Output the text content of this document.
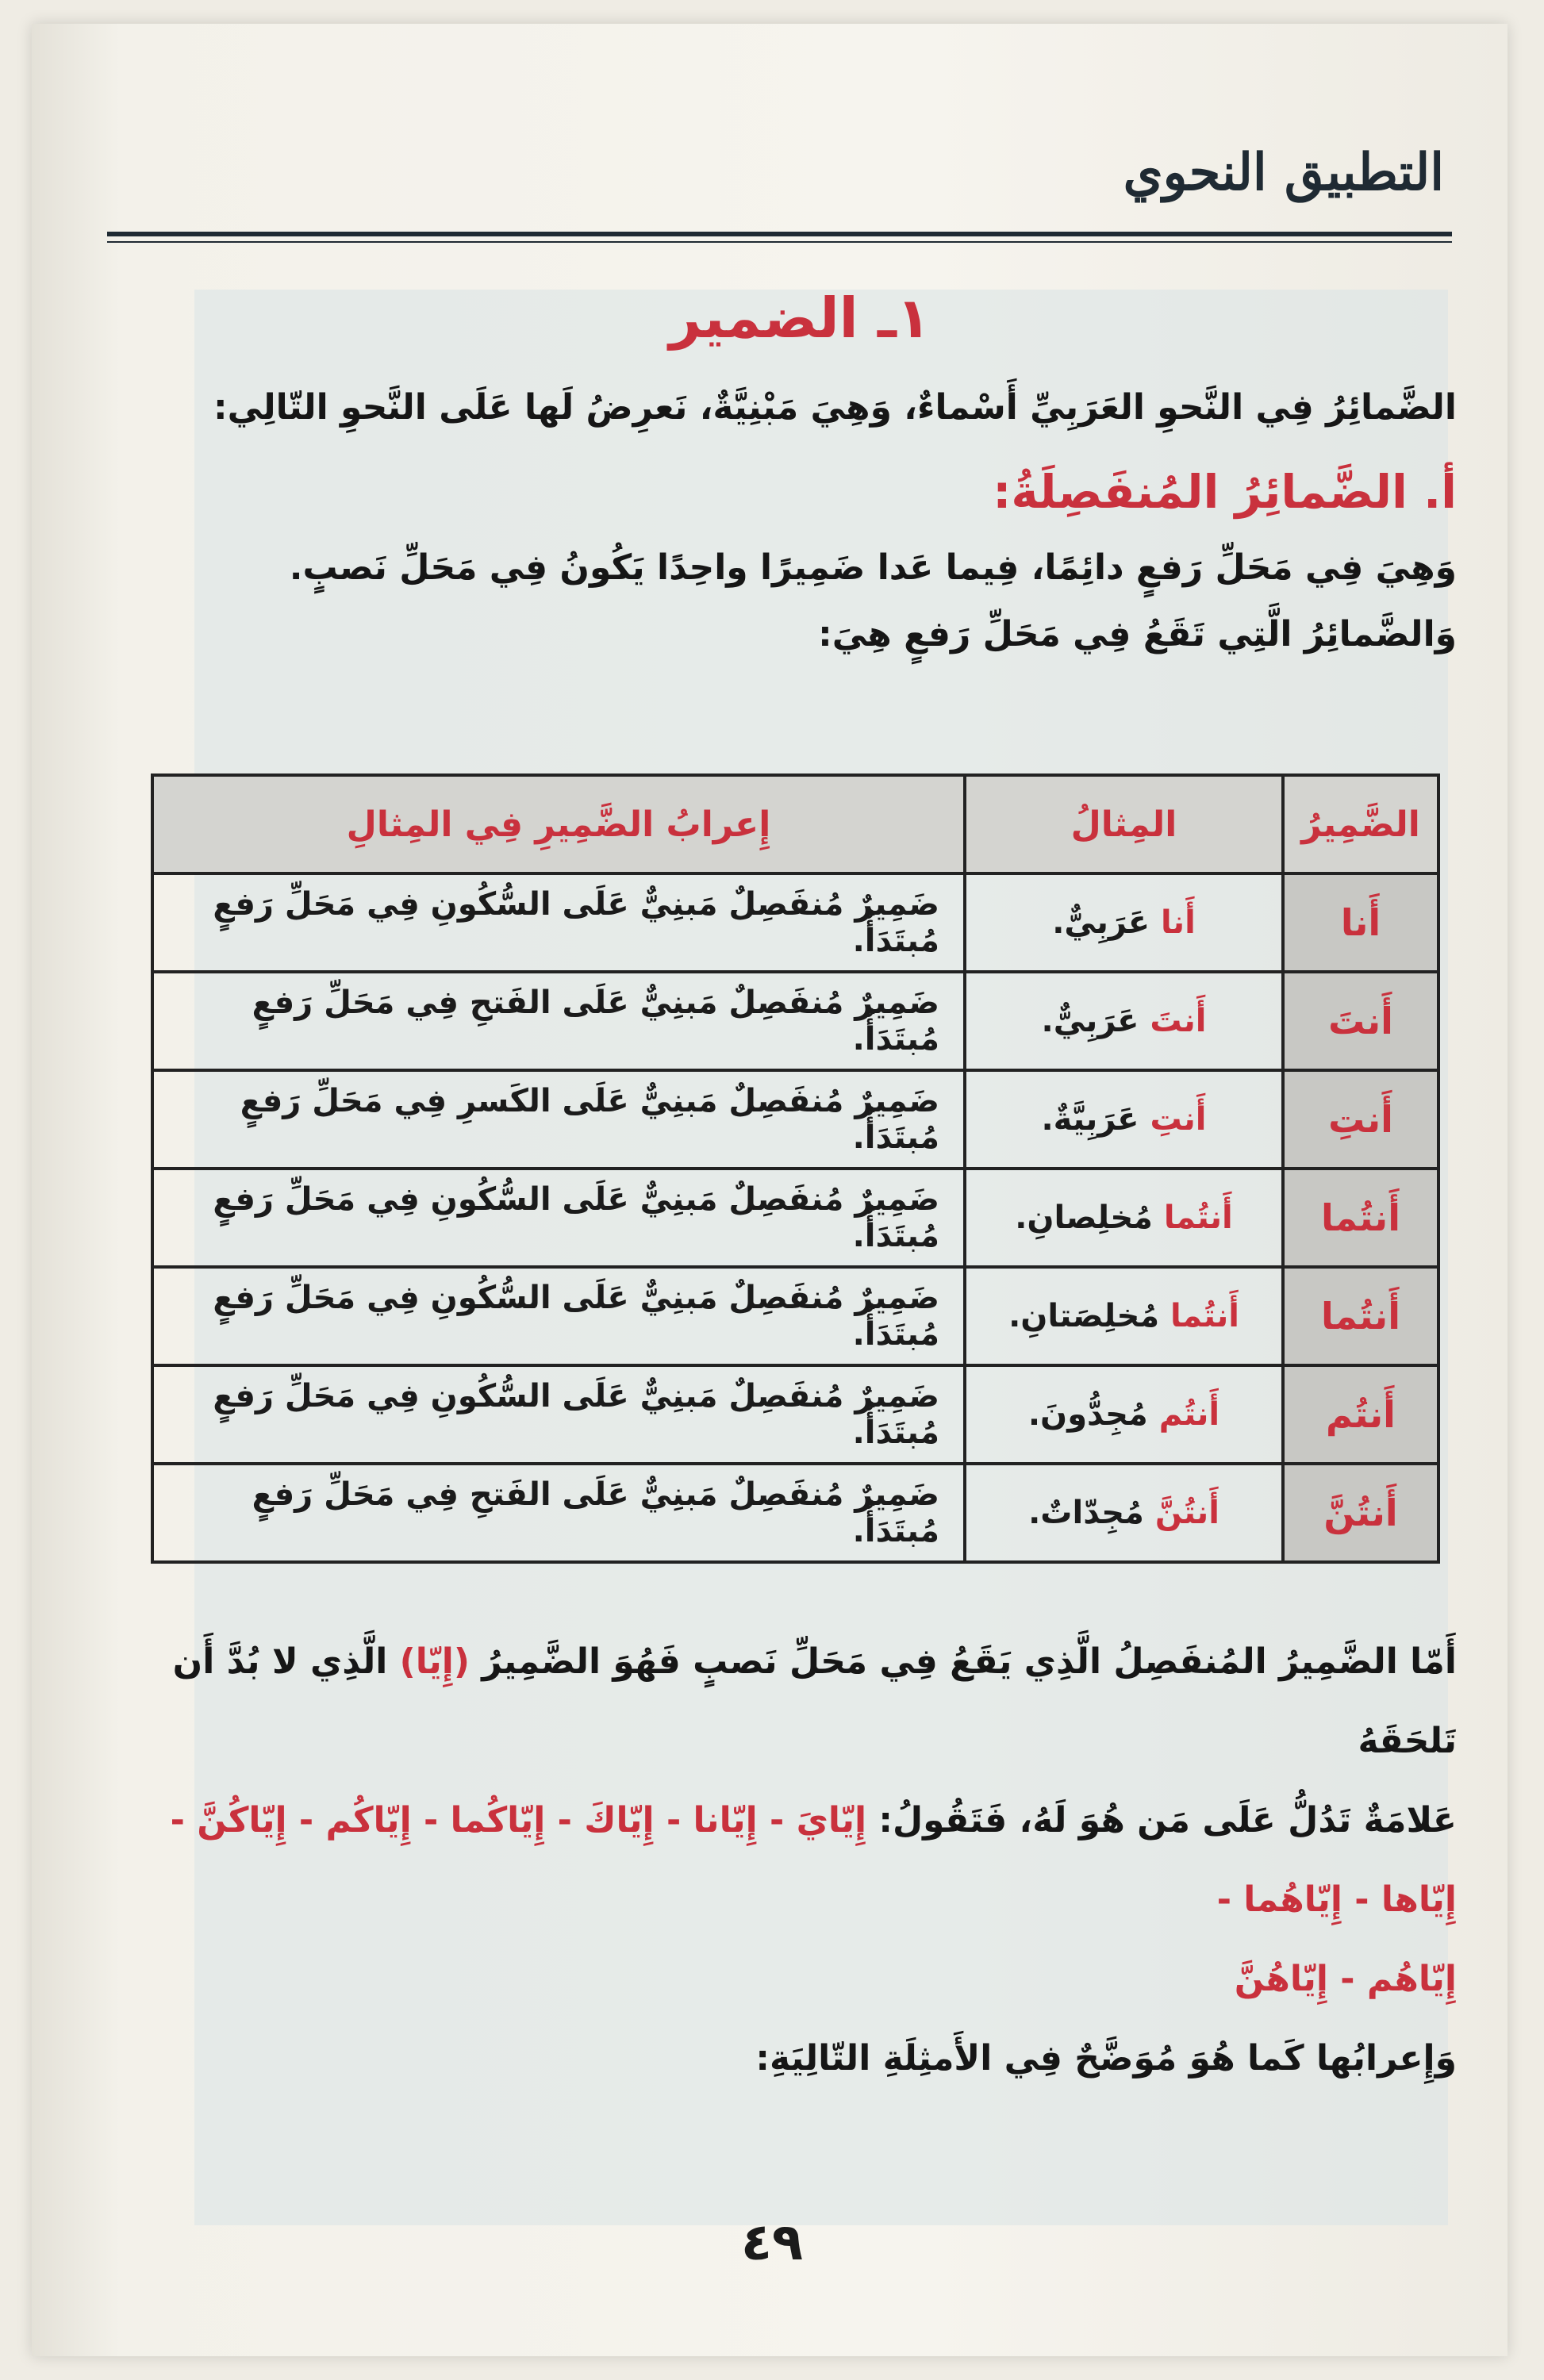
التطبيق النحوي
١ـ الضمير
الضَّمائِرُ فِي النَّحوِ العَرَبِيِّ أَسْماءٌ، وَهِيَ مَبْنِيَّةٌ، نَعرِضُ لَها عَلَى النَّحوِ التّالِي:
أ. الضَّمائِرُ المُنفَصِلَةُ:
وَهِيَ فِي مَحَلِّ رَفعٍ دائِمًا، فِيما عَدا ضَمِيرًا واحِدًا يَكُونُ فِي مَحَلِّ نَصبٍ.
وَالضَّمائِرُ الَّتِي تَقَعُ فِي مَحَلِّ رَفعٍ هِيَ:
الضَّمِيرُ	المِثالُ	إِعرابُ الضَّمِيرِ فِي المِثالِ
أَنا	أَنا عَرَبِيٌّ.	ضَمِيرٌ مُنفَصِلٌ مَبنِيٌّ عَلَى السُّكُونِ فِي مَحَلِّ رَفعٍ مُبتَدَأٌ.
أَنتَ	أَنتَ عَرَبِيٌّ.	ضَمِيرٌ مُنفَصِلٌ مَبنِيٌّ عَلَى الفَتحِ فِي مَحَلِّ رَفعٍ مُبتَدَأٌ.
أَنتِ	أَنتِ عَرَبِيَّةٌ.	ضَمِيرٌ مُنفَصِلٌ مَبنِيٌّ عَلَى الكَسرِ فِي مَحَلِّ رَفعٍ مُبتَدَأٌ.
أَنتُما	أَنتُما مُخلِصانِ.	ضَمِيرٌ مُنفَصِلٌ مَبنِيٌّ عَلَى السُّكُونِ فِي مَحَلِّ رَفعٍ مُبتَدَأٌ.
أَنتُما	أَنتُما مُخلِصَتانِ.	ضَمِيرٌ مُنفَصِلٌ مَبنِيٌّ عَلَى السُّكُونِ فِي مَحَلِّ رَفعٍ مُبتَدَأٌ.
أَنتُم	أَنتُم مُجِدُّونَ.	ضَمِيرٌ مُنفَصِلٌ مَبنِيٌّ عَلَى السُّكُونِ فِي مَحَلِّ رَفعٍ مُبتَدَأٌ.
أَنتُنَّ	أَنتُنَّ مُجِدّاتٌ.	ضَمِيرٌ مُنفَصِلٌ مَبنِيٌّ عَلَى الفَتحِ فِي مَحَلِّ رَفعٍ مُبتَدَأٌ.
أَمّا الضَّمِيرُ المُنفَصِلُ الَّذِي يَقَعُ فِي مَحَلِّ نَصبٍ فَهُوَ الضَّمِيرُ (إِيّا) الَّذِي لا بُدَّ أَن تَلحَقَهُ
عَلامَةٌ تَدُلُّ عَلَى مَن هُوَ لَهُ، فَتَقُولُ: إِيّايَ - إِيّانا - إِيّاكَ - إِيّاكُما - إِيّاكُم - إِيّاكُنَّ - إِيّاها - إِيّاهُما -
إِيّاهُم - إِيّاهُنَّ
وَإِعرابُها كَما هُوَ مُوَضَّحٌ فِي الأَمثِلَةِ التّالِيَةِ:
٤٩
